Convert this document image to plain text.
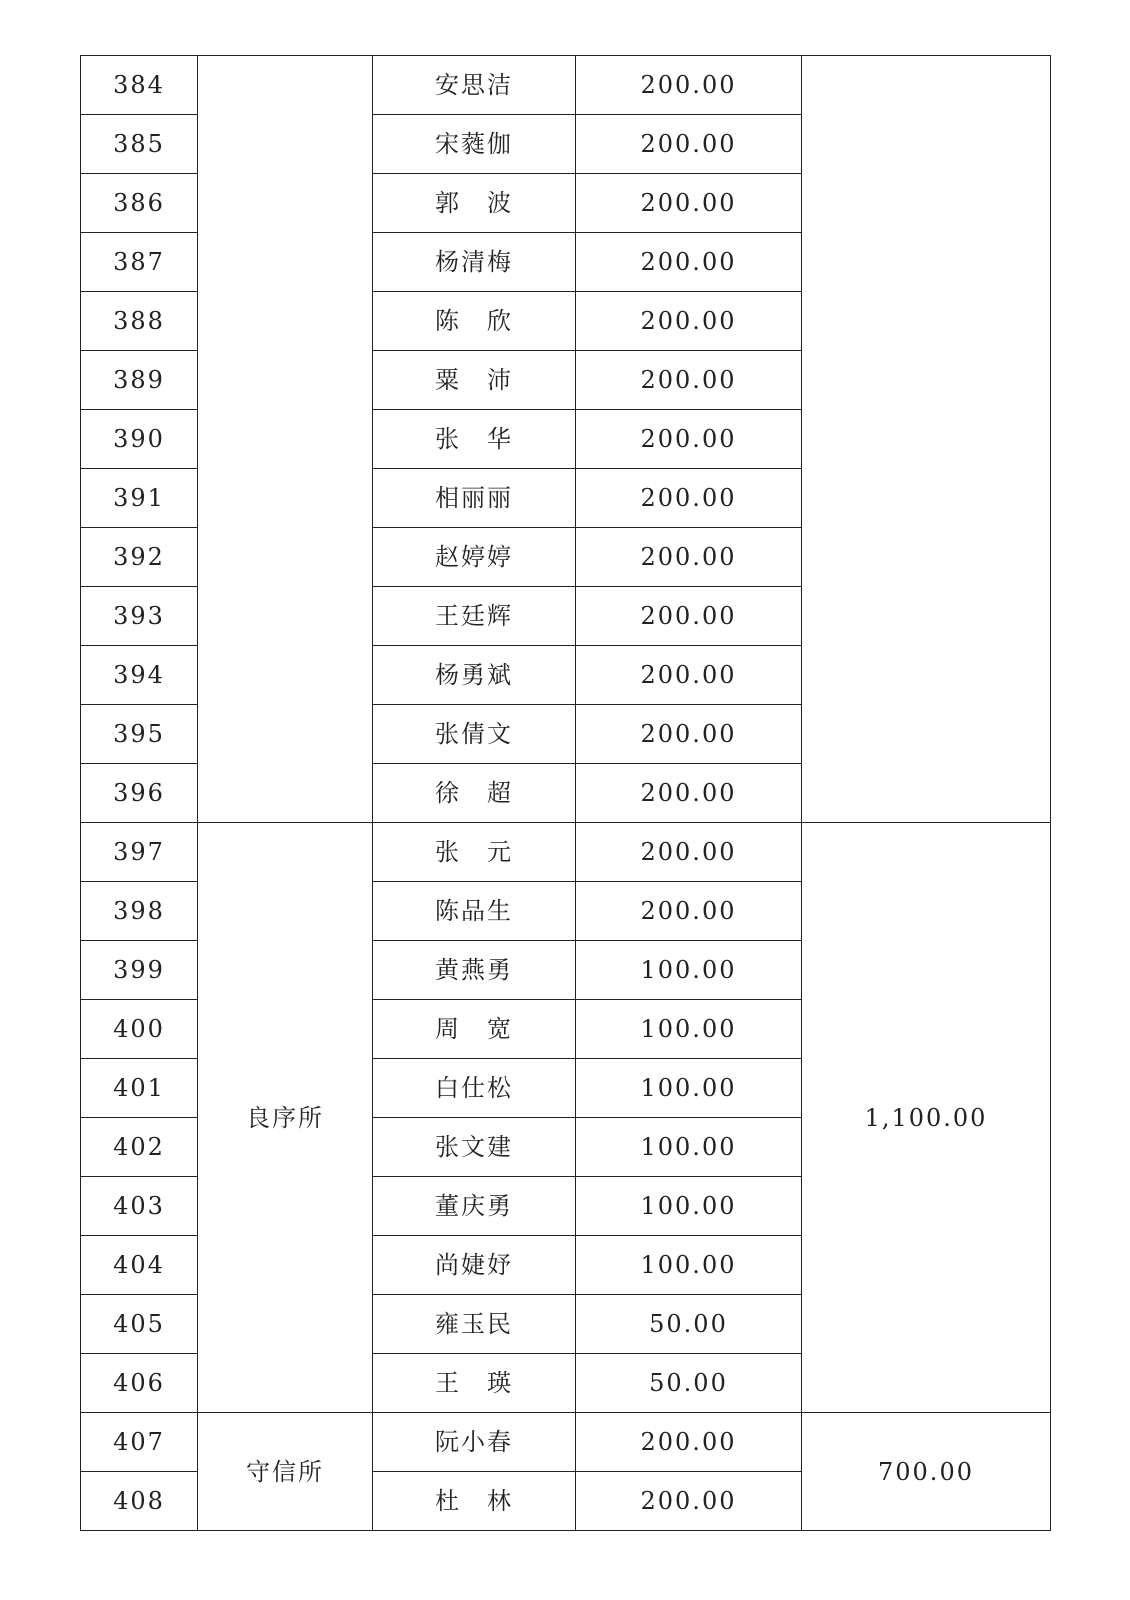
384		安思洁	200.00	
385		宋蕤伽	200.00	
386		郭　波	200.00	
387		杨清梅	200.00	
388		陈　欣	200.00	
389		粟　沛	200.00	
390		张　华	200.00	
391		相丽丽	200.00	
392		赵婷婷	200.00	
393		王廷辉	200.00	
394		杨勇斌	200.00	
395		张倩文	200.00	
396		徐　超	200.00	
397	良序所	张　元	200.00	1,100.00
398		陈品生	200.00	
399		黄燕勇	100.00	
400		周　宽	100.00	
401		白仕松	100.00	
402		张文建	100.00	
403		董庆勇	100.00	
404		尚婕妤	100.00	
405		雍玉民	50.00	
406		王　瑛	50.00	
407	守信所	阮小春	200.00	700.00
408		杜　林	200.00	
